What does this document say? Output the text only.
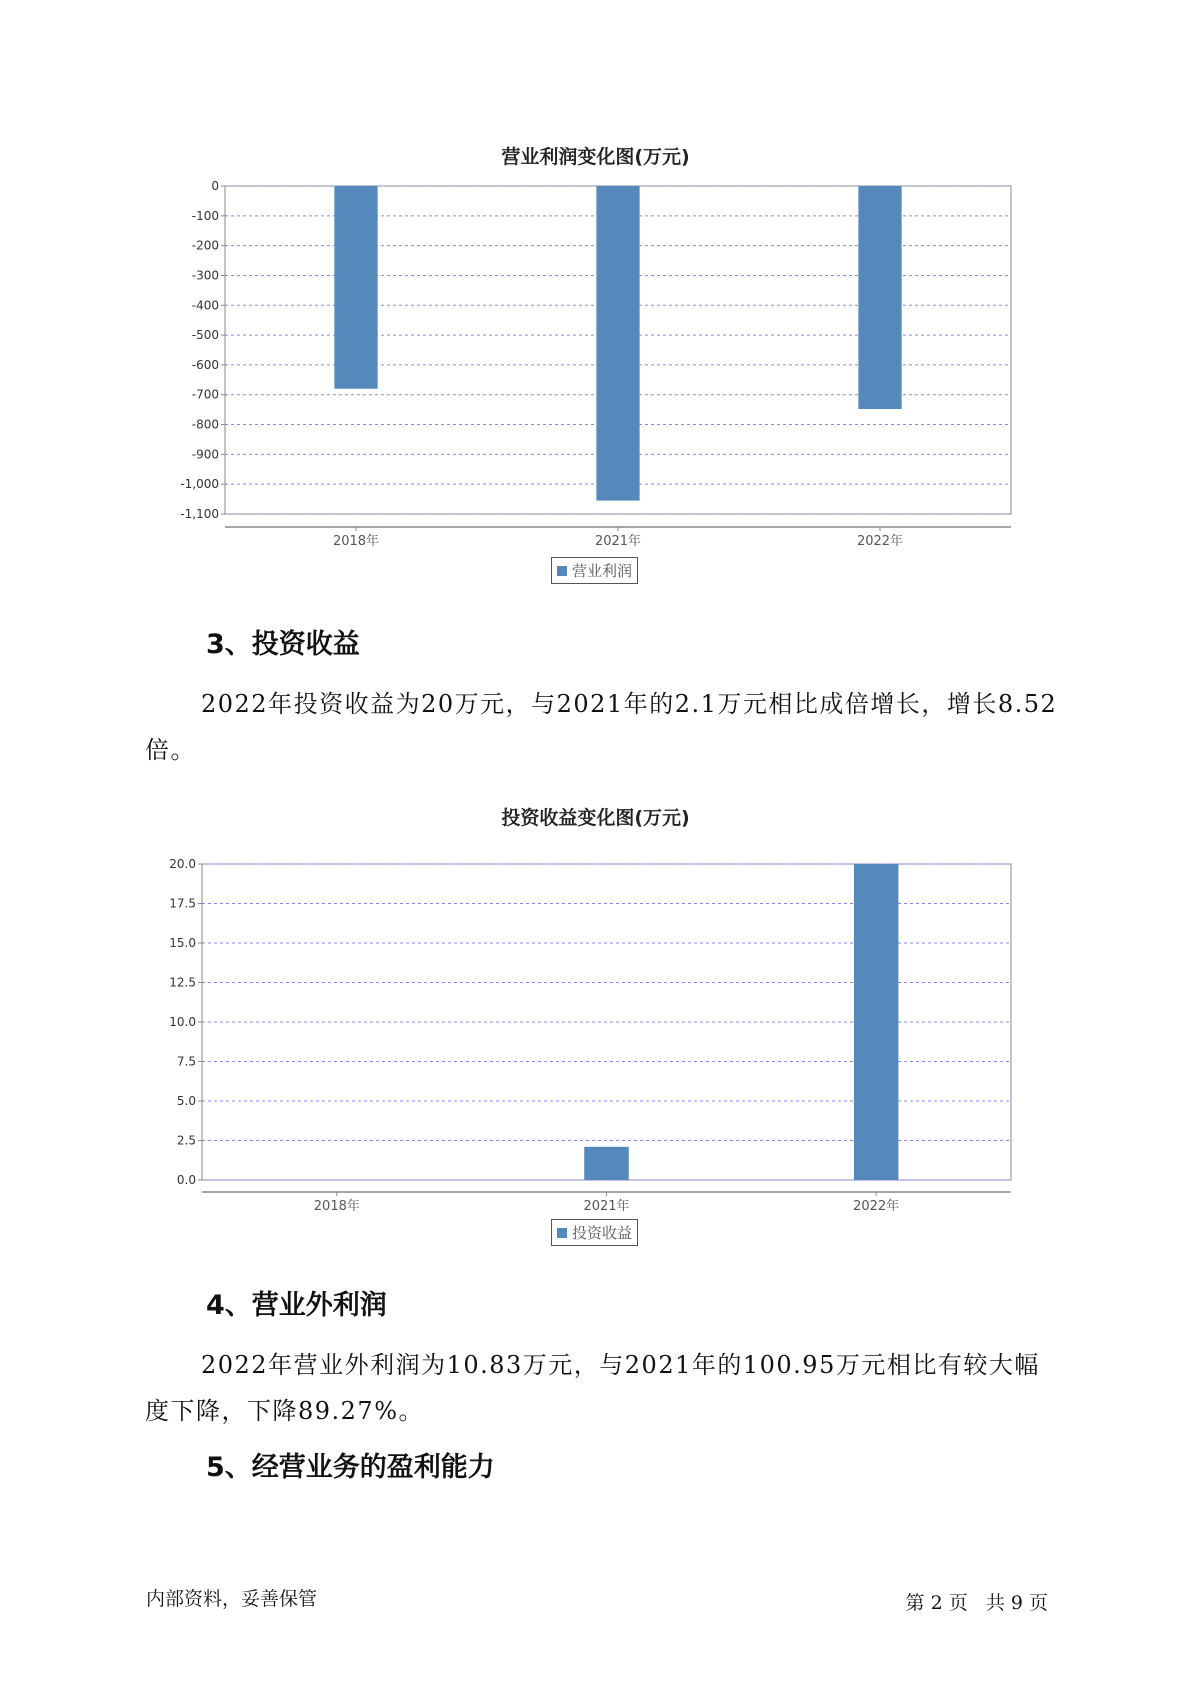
营业利润变化图(万元)
0
-100
-200
-300
-400
-500
-600
-700
-800
-900
-1,000
-1,100
2018年	2021年	2022年
营业利润
3、投资收益

2022年投资收益为20万元，与2021年的2.1万元相比成倍增长，增长8.52倍。

投资收益变化图(万元)
0.0
2.5
5.0
7.5
10.0
12.5
15.0
17.5
20.0
2018年	2021年	2022年
投资收益
4、营业外利润

2022年营业外利润为10.83万元，与2021年的100.95万元相比有较大幅度下降，下降89.27%。

5、经营业务的盈利能力
内部资料，妥善保管	第 2 页   共 9 页
